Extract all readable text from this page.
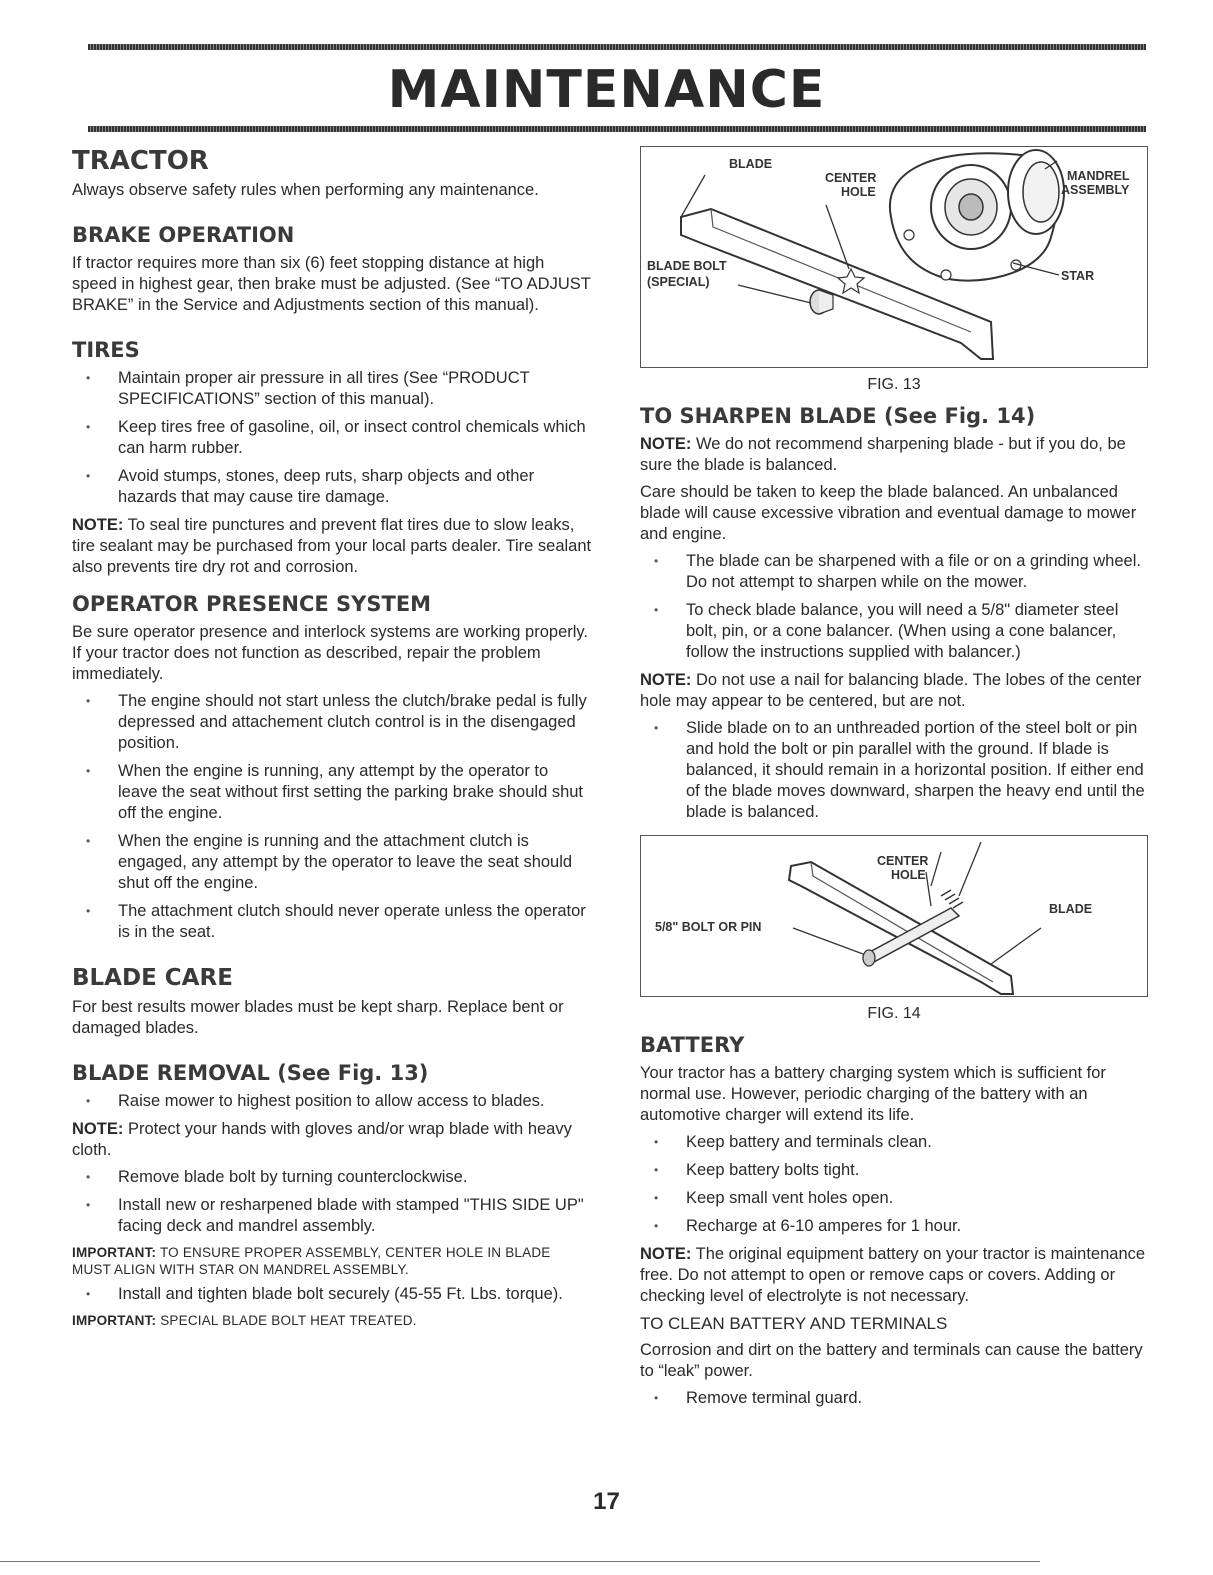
MAINTENANCE
TRACTOR

Always observe safety rules when performing any maintenance.

BRAKE OPERATION

If tractor requires more than six (6) feet stopping distance at high speed in highest gear, then brake must be adjusted. (See “TO ADJUST BRAKE” in the Service and Adjustments section of this manual).

TIRES
• Maintain proper air pressure in all tires (See “PRODUCT SPECIFICATIONS” section of this manual).
• Keep tires free of gasoline, oil, or insect control chemicals which can harm rubber.
• Avoid stumps, stones, deep ruts, sharp objects and other hazards that may cause tire damage.

NOTE: To seal tire punctures and prevent flat tires due to slow leaks, tire sealant may be purchased from your local parts dealer. Tire sealant also prevents tire dry rot and corrosion.

OPERATOR PRESENCE SYSTEM

Be sure operator presence and interlock systems are working properly. If your tractor does not function as described, repair the problem immediately.

• The engine should not start unless the clutch/brake pedal is fully depressed and attachement clutch control is in the disengaged position.
• When the engine is running, any attempt by the operator to leave the seat without first setting the parking brake should shut off the engine.
• When the engine is running and the attachment clutch is engaged, any attempt by the operator to leave the seat should shut off the engine.
• The attachment clutch should never operate unless the operator is in the seat.
BLADE CARE

For best results mower blades must be kept sharp. Replace bent or damaged blades.

BLADE REMOVAL (See Fig. 13)
• Raise mower to highest position to allow access to blades.

NOTE: Protect your hands with gloves and/or wrap blade with heavy cloth.

• Remove blade bolt by turning counterclockwise.
• Install new or resharpened blade with stamped "THIS SIDE UP" facing deck and mandrel assembly.

IMPORTANT: TO ENSURE PROPER ASSEMBLY, CENTER HOLE IN BLADE MUST ALIGN WITH STAR ON MANDREL ASSEMBLY.

• Install and tighten blade bolt securely (45-55 Ft. Lbs. torque).

IMPORTANT: SPECIAL BLADE BOLT HEAT TREATED.

BLADE
CENTER
HOLE
MANDREL
ASSEMBLY
BLADE BOLT
(SPECIAL)	STAR
FIG. 13
TO SHARPEN BLADE (See Fig. 14)

NOTE: We do not recommend sharpening blade - but if you do, be sure the blade is balanced.

Care should be taken to keep the blade balanced. An unbalanced blade will cause excessive vibration and eventual damage to mower and engine.

• The blade can be sharpened with a file or on a grinding wheel. Do not attempt to sharpen while on the mower.
• To check blade balance, you will need a 5/8" diameter steel bolt, pin, or a cone balancer. (When using a cone balancer, follow the instructions supplied with balancer.)

NOTE: Do not use a nail for balancing blade. The lobes of the center hole may appear to be centered, but are not.

• Slide blade on to an unthreaded portion of the steel bolt or pin and hold the bolt or pin parallel with the ground. If blade is balanced, it should remain in a horizontal position. If either end of the blade moves downward, sharpen the heavy end until the blade is balanced.
CENTER
HOLE
BLADE
5/8" BOLT OR PIN
FIG. 14
BATTERY

Your tractor has a battery charging system which is sufficient for normal use. However, periodic charging of the battery with an automotive charger will extend its life.

• Keep battery and terminals clean.
• Keep battery bolts tight.
• Keep small vent holes open.
• Recharge at 6-10 amperes for 1 hour.

NOTE: The original equipment battery on your tractor is maintenance free. Do not attempt to open or remove caps or covers. Adding or checking level of electrolyte is not necessary.

TO CLEAN BATTERY AND TERMINALS

Corrosion and dirt on the battery and terminals can cause the battery to “leak” power.

• Remove terminal guard.
17
